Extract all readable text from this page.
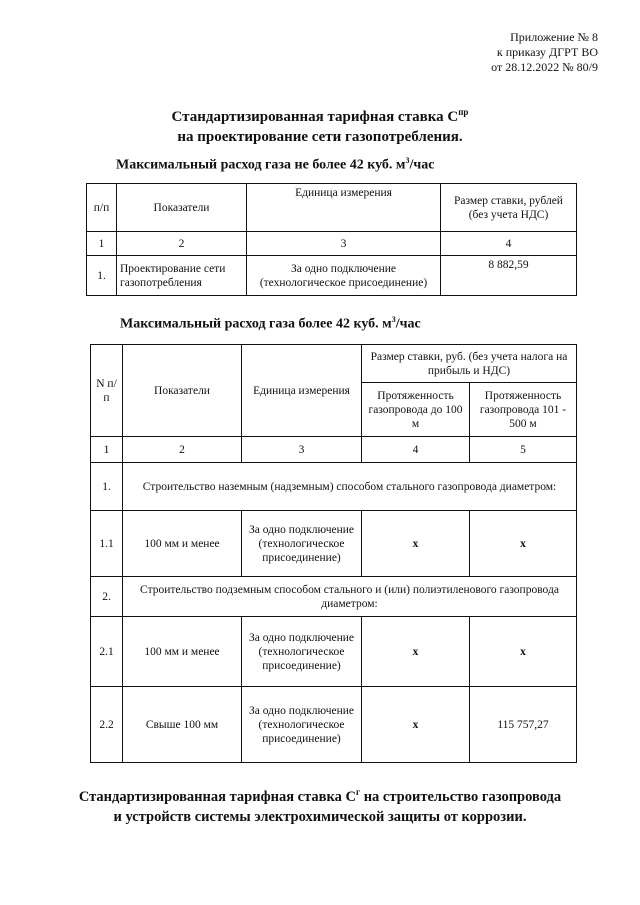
Приложение № 8
к приказу ДГРТ ВО
от 28.12.2022 № 80/9
Стандартизированная тарифная ставка $С^{пр}$
на проектирование сети газопотребления.
Максимальный расход газа не более 42 куб. $м^3$/час
п/п	Показатели	Единица измерения	Размер ставки, рублей (без учета НДС)
1	2	3	4
1.	Проектирование сети газопотребления	За одно подключение (технологическое присоединение)	8 882,59
Максимальный расход газа более 42 куб. $м^3$/час
N п/п	Показатели	Единица измерения	Размер ставки, руб. (без учета налога на прибыль и НДС)	
			Протяженность газопровода до 100 м	Протяженность газопровода 101 - 500 м
1	2	3	4	5
1.	Строительство наземным (надземным) способом стального газопровода диаметром:			
1.1	100 мм и менее	За одно подключение (технологическое присоединение)	x	x
2.	Строительство подземным способом стального и (или) полиэтиленового газопровода диаметром:			
2.1	100 мм и менее	За одно подключение (технологическое присоединение)	x	x
2.2	Свыше 100 мм	За одно подключение (технологическое присоединение)	x	115 757,27
Стандартизированная тарифная ставка $С^г$ на строительство газопровода
и устройств системы электрохимической защиты от коррозии.
